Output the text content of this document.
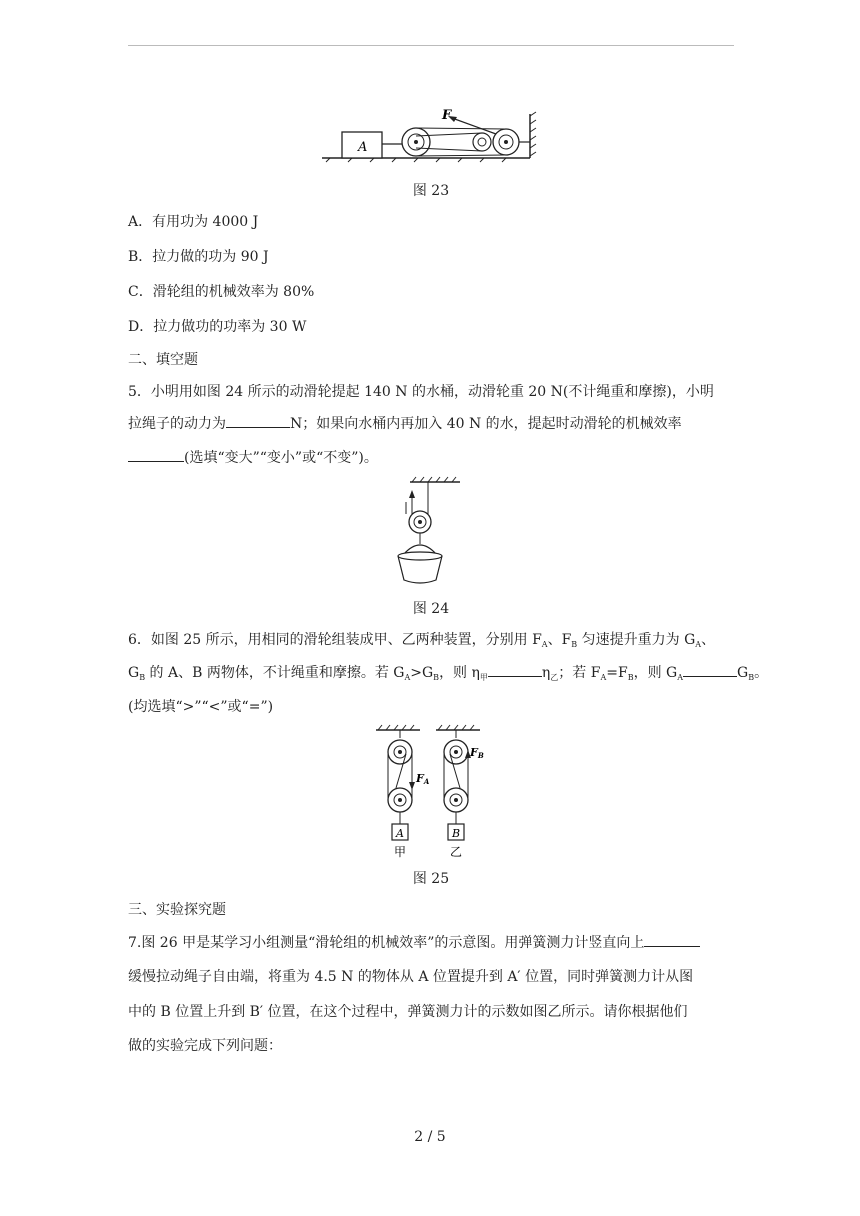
A
F
图 23
A．有用功为 4000 J
B．拉力做的功为 90 J
C．滑轮组的机械效率为 80%
D．拉力做功的功率为 30 W
二、填空题
5．小明用如图 24 所示的动滑轮提起 140 N 的水桶，动滑轮重 20 N(不计绳重和摩擦)，小明
拉绳子的动力为	N；如果向水桶内再加入 40 N 的水，提起时动滑轮的机械效率
(选填“变大”“变小”或“不变”)。
图 24
6．如图 25 所示，用相同的滑轮组装成甲、乙两种装置，分别用 $F_A$、$F_B$ 匀速提升重力为 $G_A$、
$G_B$ 的 A、B 两物体，不计绳重和摩擦。若 $G_A>G_B$，则 $\eta_甲$	$\eta_乙$；若 $F_A=F_B$，则 $G_A$	$G_B$。
(均选填“>”“<”或“=”)
FA
A
甲
FB
B
乙
图 25
三、实验探究题
7.图 26 甲是某学习小组测量“滑轮组的机械效率”的示意图。用弹簧测力计竖直向上
缓慢拉动绳子自由端，将重为 4.5 N 的物体从 A 位置提升到 A′ 位置，同时弹簧测力计从图
中的 B 位置上升到 B′ 位置，在这个过程中，弹簧测力计的示数如图乙所示。请你根据他们
做的实验完成下列问题：
2 / 5
